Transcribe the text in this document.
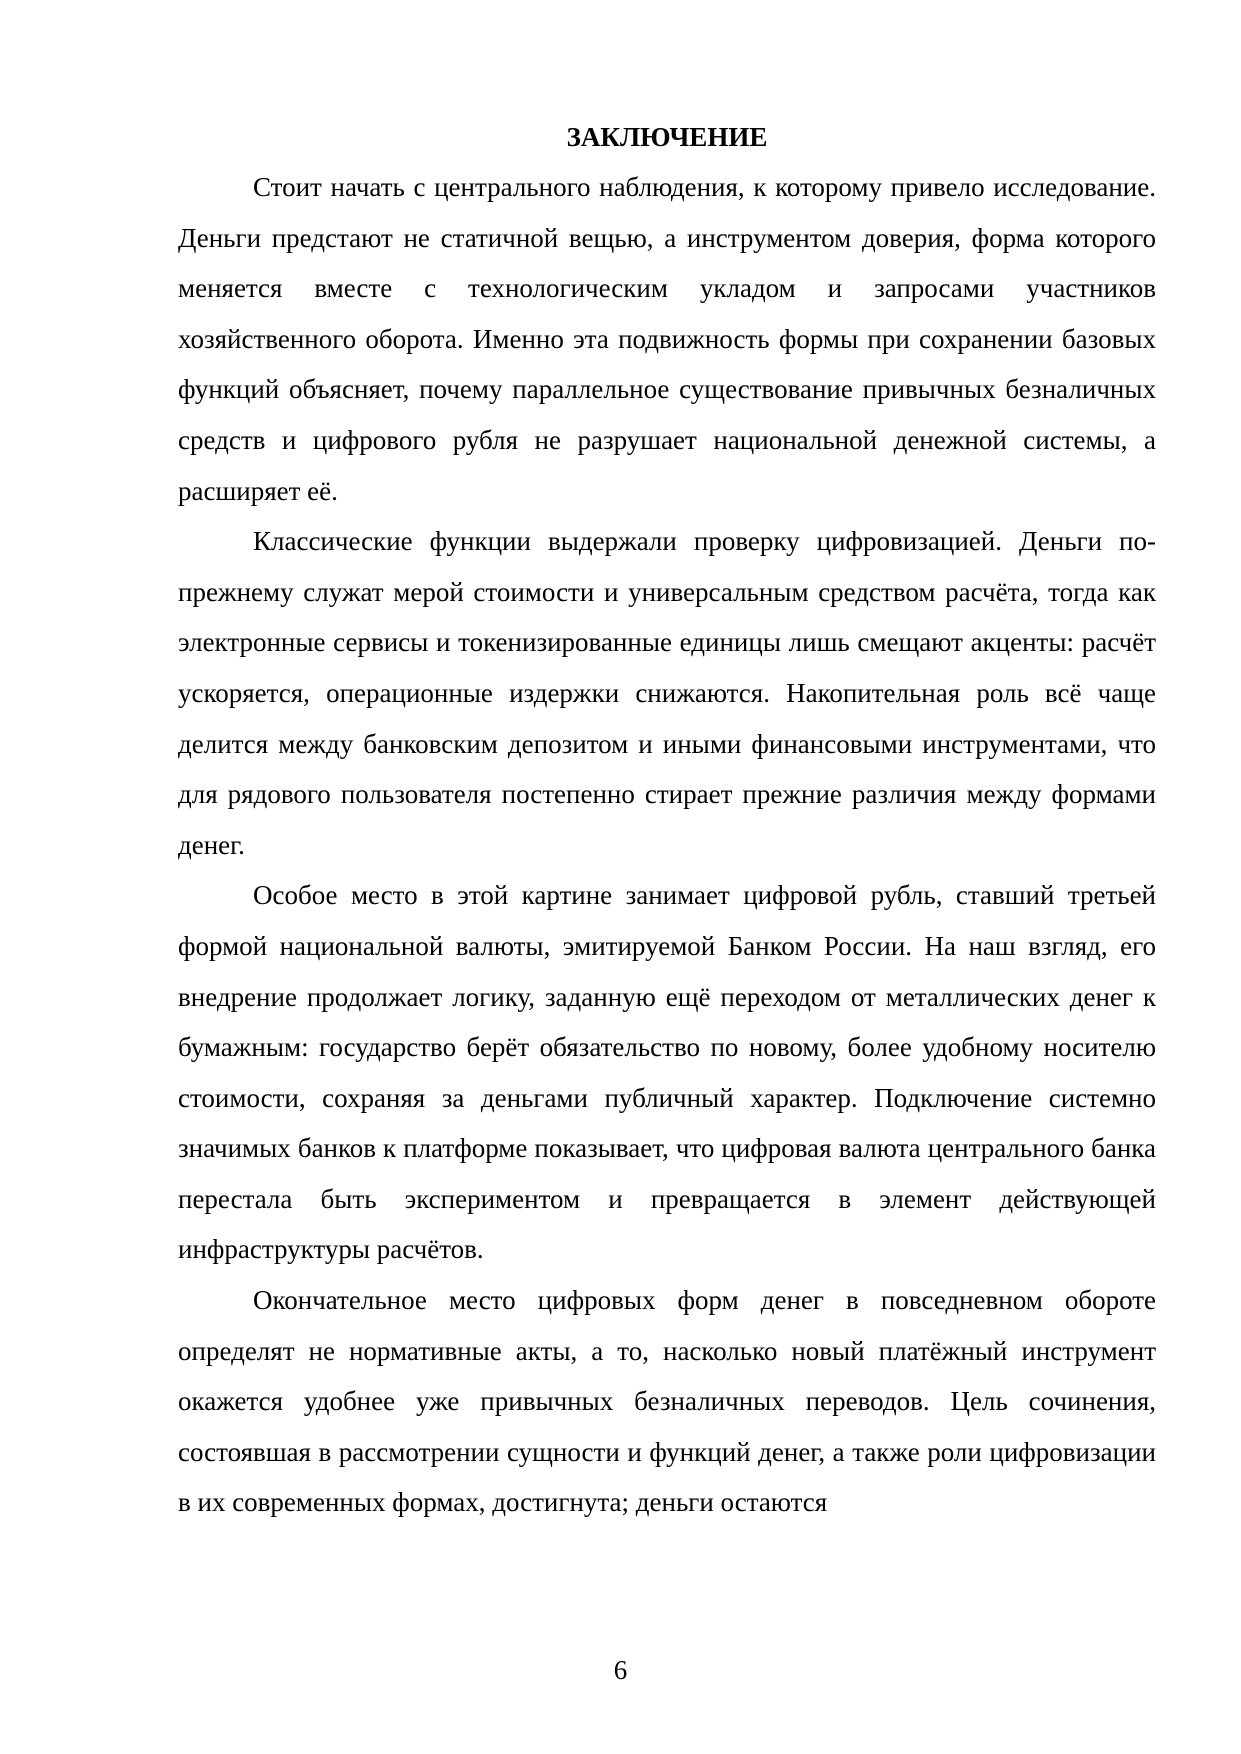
ЗАКЛЮЧЕНИЕ

Стоит начать с центрального наблюдения, к которому привело исследование. Деньги предстают не статичной вещью, а инструментом доверия, форма которого меняется вместе с технологическим укладом и запросами участников хозяйственного оборота. Именно эта подвижность формы при сохранении базовых функций объясняет, почему параллельное существование привычных безналичных средств и цифрового рубля не разрушает национальной денежной системы, а расширяет её.

Классические функции выдержали проверку цифровизацией. Деньги по-прежнему служат мерой стоимости и универсальным средством расчёта, тогда как электронные сервисы и токенизированные единицы лишь смещают акценты: расчёт ускоряется, операционные издержки снижаются. Накопительная роль всё чаще делится между банковским депозитом и иными финансовыми инструментами, что для рядового пользователя постепенно стирает прежние различия между формами денег.

Особое место в этой картине занимает цифровой рубль, ставший третьей формой национальной валюты, эмитируемой Банком России. На наш взгляд, его внедрение продолжает логику, заданную ещё переходом от металлических денег к бумажным: государство берёт обязательство по новому, более удобному носителю стоимости, сохраняя за деньгами публичный характер. Подключение системно значимых банков к платформе показывает, что цифровая валюта центрального банка перестала быть экспериментом и превращается в элемент действующей инфраструктуры расчётов.

Окончательное место цифровых форм денег в повседневном обороте определят не нормативные акты, а то, насколько новый платёжный инструмент окажется удобнее уже привычных безналичных переводов. Цель сочинения, состоявшая в рассмотрении сущности и функций денег, а также роли цифровизации в их современных формах, достигнута; деньги остаются

6
